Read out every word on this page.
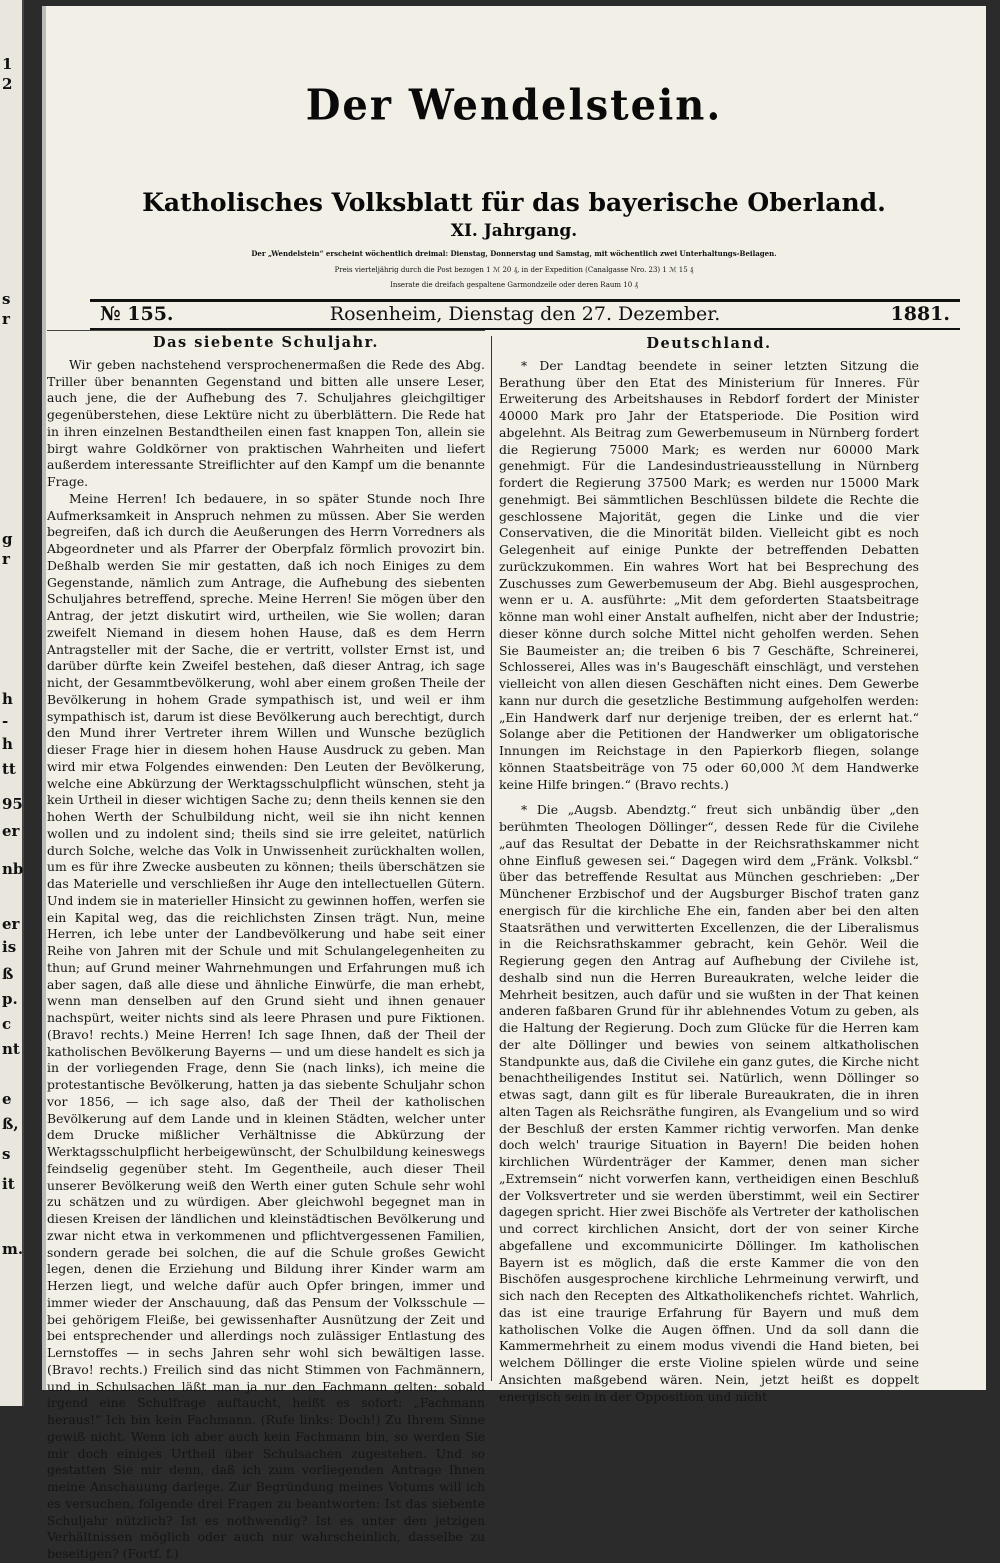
1
2
s
r
g
r
h
-
h
tt
95
er
nb
er
is
ß
p.
c
nt
e
ß,
s
it
m.
Der Wendelstein.
Katholisches Volksblatt für das bayerische Oberland.
XI. Jahrgang.
Der „Wendelstein“ erscheint wöchentlich dreimal: Dienstag, Donnerstag und Samstag, mit wöchentlich zwei Unterhaltungs-Beilagen.
Preis vierteljährig durch die Post bezogen 1 ℳ 20 ₰, in der Expedition (Canalgasse Nro. 23) 1 ℳ 15 ₰
Inserate die dreifach gespaltene Garmondzeile oder deren Raum 10 ₰
№ 155.	Rosenheim, Dienstag den 27. Dezember.	1881.
Das siebente Schuljahr.

Wir geben nachstehend versprochenermaßen die Rede des Abg. Triller über benannten Gegenstand und bitten alle unsere Leser, auch jene, die der Aufhebung des 7. Schuljahres gleichgiltiger gegenüberstehen, diese Lektüre nicht zu überblättern. Die Rede hat in ihren einzelnen Bestandtheilen einen fast knappen Ton, allein sie birgt wahre Goldkörner von praktischen Wahrheiten und liefert außerdem interessante Streiflichter auf den Kampf um die benannte Frage.

Meine Herren! Ich bedauere, in so später Stunde noch Ihre Aufmerksamkeit in Anspruch nehmen zu müssen. Aber Sie werden begreifen, daß ich durch die Aeußerungen des Herrn Vorredners als Abgeordneter und als Pfarrer der Oberpfalz förmlich provozirt bin. Deßhalb werden Sie mir gestatten, daß ich noch Einiges zu dem Gegenstande, nämlich zum Antrage, die Aufhebung des siebenten Schuljahres betreffend, spreche. Meine Herren! Sie mögen über den Antrag, der jetzt diskutirt wird, urtheilen, wie Sie wollen; daran zweifelt Niemand in diesem hohen Hause, daß es dem Herrn Antragsteller mit der Sache, die er vertritt, vollster Ernst ist, und darüber dürfte kein Zweifel bestehen, daß dieser Antrag, ich sage nicht, der Gesammtbevölkerung, wohl aber einem großen Theile der Bevölkerung in hohem Grade sympathisch ist, und weil er ihm sympathisch ist, darum ist diese Bevölkerung auch berechtigt, durch den Mund ihrer Vertreter ihrem Willen und Wunsche bezüglich dieser Frage hier in diesem hohen Hause Ausdruck zu geben. Man wird mir etwa Folgendes einwenden: Den Leuten der Bevölkerung, welche eine Abkürzung der Werktagsschulpflicht wünschen, steht ja kein Urtheil in dieser wichtigen Sache zu; denn theils kennen sie den hohen Werth der Schulbildung nicht, weil sie ihn nicht kennen wollen und zu indolent sind; theils sind sie irre geleitet, natürlich durch Solche, welche das Volk in Unwissenheit zurückhalten wollen, um es für ihre Zwecke ausbeuten zu können; theils überschätzen sie das Materielle und verschließen ihr Auge den intellectuellen Gütern. Und indem sie in materieller Hinsicht zu gewinnen hoffen, werfen sie ein Kapital weg, das die reichlichsten Zinsen trägt. Nun, meine Herren, ich lebe unter der Landbevölkerung und habe seit einer Reihe von Jahren mit der Schule und mit Schulangelegenheiten zu thun; auf Grund meiner Wahrnehmungen und Erfahrungen muß ich aber sagen, daß alle diese und ähnliche Einwürfe, die man erhebt, wenn man denselben auf den Grund sieht und ihnen genauer nachspürt, weiter nichts sind als leere Phrasen und pure Fiktionen. (Bravo! rechts.) Meine Herren! Ich sage Ihnen, daß der Theil der katholischen Bevölkerung Bayerns — und um diese handelt es sich ja in der vorliegenden Frage, denn Sie (nach links), ich meine die protestantische Bevölkerung, hatten ja das siebente Schuljahr schon vor 1856, — ich sage also, daß der Theil der katholischen Bevölkerung auf dem Lande und in kleinen Städten, welcher unter dem Drucke mißlicher Verhältnisse die Abkürzung der Werktagsschulpflicht herbeigewünscht, der Schulbildung keineswegs feindselig gegenüber steht. Im Gegentheile, auch dieser Theil unserer Bevölkerung weiß den Werth einer guten Schule sehr wohl zu schätzen und zu würdigen. Aber gleichwohl begegnet man in diesen Kreisen der ländlichen und kleinstädtischen Bevölkerung und zwar nicht etwa in verkommenen und pflichtvergessenen Familien, sondern gerade bei solchen, die auf die Schule großes Gewicht legen, denen die Erziehung und Bildung ihrer Kinder warm am Herzen liegt, und welche dafür auch Opfer bringen, immer und immer wieder der Anschauung, daß das Pensum der Volksschule — bei gehörigem Fleiße, bei gewissenhafter Ausnützung der Zeit und bei entsprechender und allerdings noch zulässiger Entlastung des Lernstoffes — in sechs Jahren sehr wohl sich bewältigen lasse. (Bravo! rechts.) Freilich sind das nicht Stimmen von Fachmännern, und in Schulsachen läßt man ja nur den Fachmann gelten; sobald irgend eine Schulfrage auftaucht, heißt es sofort: „Fachmann heraus!“ Ich bin kein Fachmann. (Rufe links: Doch!) Zu Ihrem Sinne gewiß nicht. Wenn ich aber auch kein Fachmann bin, so werden Sie mir doch einiges Urtheil über Schulsachen zugestehen. Und so gestatten Sie mir denn, daß ich zum vorliegenden Antrage Ihnen meine Anschauung darlege. Zur Begründung meines Votums will ich es versuchen, folgende drei Fragen zu beantworten: Ist das siebente Schuljahr nützlich? Ist es nothwendig? Ist es unter den jetzigen Verhältnissen möglich oder auch nur wahrscheinlich, dasselbe zu beseitigen? (Fortf. f.)

Deutschland.

* Der Landtag beendete in seiner letzten Sitzung die Berathung über den Etat des Ministerium für Inneres. Für Erweiterung des Arbeitshauses in Rebdorf fordert der Minister 40000 Mark pro Jahr der Etatsperiode. Die Position wird abgelehnt. Als Beitrag zum Gewerbemuseum in Nürnberg fordert die Regierung 75000 Mark; es werden nur 60000 Mark genehmigt. Für die Landesindustrieausstellung in Nürnberg fordert die Regierung 37500 Mark; es werden nur 15000 Mark genehmigt. Bei sämmtlichen Beschlüssen bildete die Rechte die geschlossene Majorität, gegen die Linke und die vier Conservativen, die die Minorität bilden. Vielleicht gibt es noch Gelegenheit auf einige Punkte der betreffenden Debatten zurückzukommen. Ein wahres Wort hat bei Besprechung des Zuschusses zum Gewerbemuseum der Abg. Biehl ausgesprochen, wenn er u. A. ausführte: „Mit dem geforderten Staatsbeitrage könne man wohl einer Anstalt aufhelfen, nicht aber der Industrie; dieser könne durch solche Mittel nicht geholfen werden. Sehen Sie Baumeister an; die treiben 6 bis 7 Geschäfte, Schreinerei, Schlosserei, Alles was in's Baugeschäft einschlägt, und verstehen vielleicht von allen diesen Geschäften nicht eines. Dem Gewerbe kann nur durch die gesetzliche Bestimmung aufgeholfen werden: „Ein Handwerk darf nur derjenige treiben, der es erlernt hat.“ Solange aber die Petitionen der Handwerker um obligatorische Innungen im Reichstage in den Papierkorb fliegen, solange können Staatsbeiträge von 75 oder 60,000 ℳ dem Handwerke keine Hilfe bringen.“ (Bravo rechts.)

* Die „Augsb. Abendztg.“ freut sich unbändig über „den berühmten Theologen Döllinger“, dessen Rede für die Civilehe „auf das Resultat der Debatte in der Reichsrathskammer nicht ohne Einfluß gewesen sei.“ Dagegen wird dem „Fränk. Volksbl.“ über das betreffende Resultat aus München geschrieben: „Der Münchener Erzbischof und der Augsburger Bischof traten ganz energisch für die kirchliche Ehe ein, fanden aber bei den alten Staatsräthen und verwitterten Excellenzen, die der Liberalismus in die Reichsrathskammer gebracht, kein Gehör. Weil die Regierung gegen den Antrag auf Aufhebung der Civilehe ist, deshalb sind nun die Herren Bureaukraten, welche leider die Mehrheit besitzen, auch dafür und sie wußten in der That keinen anderen faßbaren Grund für ihr ablehnendes Votum zu geben, als die Haltung der Regierung. Doch zum Glücke für die Herren kam der alte Döllinger und bewies von seinem altkatholischen Standpunkte aus, daß die Civilehe ein ganz gutes, die Kirche nicht benachtheiligendes Institut sei. Natürlich, wenn Döllinger so etwas sagt, dann gilt es für liberale Bureaukraten, die in ihren alten Tagen als Reichsräthe fungiren, als Evangelium und so wird der Beschluß der ersten Kammer richtig verworfen. Man denke doch welch' traurige Situation in Bayern! Die beiden hohen kirchlichen Würdenträger der Kammer, denen man sicher „Extremsein“ nicht vorwerfen kann, vertheidigen einen Beschluß der Volksvertreter und sie werden überstimmt, weil ein Sectirer dagegen spricht. Hier zwei Bischöfe als Vertreter der katholischen und correct kirchlichen Ansicht, dort der von seiner Kirche abgefallene und excommunicirte Döllinger. Im katholischen Bayern ist es möglich, daß die erste Kammer die von den Bischöfen ausgesprochene kirchliche Lehrmeinung verwirft, und sich nach den Recepten des Altkatholikenchefs richtet. Wahrlich, das ist eine traurige Erfahrung für Bayern und muß dem katholischen Volke die Augen öffnen. Und da soll dann die Kammermehrheit zu einem modus vivendi die Hand bieten, bei welchem Döllinger die erste Violine spielen würde und seine Ansichten maßgebend wären. Nein, jetzt heißt es doppelt energisch sein in der Opposition und nicht
